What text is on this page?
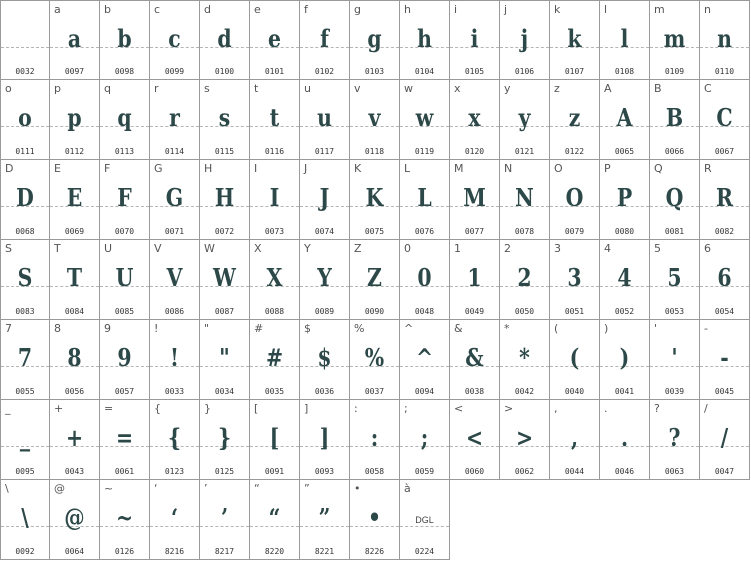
0032
a
a
0097
b
b
0098
c
c
0099
d
d
0100
e
e
0101
f
f
0102
g
g
0103
h
h
0104
i
i
0105
j
j
0106
k
k
0107
l
l
0108
m
m
0109
n
n
0110
o
o
0111
p
p
0112
q
q
0113
r
r
0114
s
s
0115
t
t
0116
u
u
0117
v
v
0118
w
w
0119
x
x
0120
y
y
0121
z
z
0122
A
A
0065
B
B
0066
C
C
0067
D
D
0068
E
E
0069
F
F
0070
G
G
0071
H
H
0072
I
I
0073
J
J
0074
K
K
0075
L
L
0076
M
M
0077
N
N
0078
O
O
0079
P
P
0080
Q
Q
0081
R
R
0082
S
S
0083
T
T
0084
U
U
0085
V
V
0086
W
W
0087
X
X
0088
Y
Y
0089
Z
Z
0090
0
0
0048
1
1
0049
2
2
0050
3
3
0051
4
4
0052
5
5
0053
6
6
0054
7
7
0055
8
8
0056
9
9
0057
!
!
0033
"
"
0034
#
#
0035
$
$
0036
%
%
0037
^
^
0094
&
&
0038
*
*
0042
(
(
0040
)
)
0041
'
'
0039
-
-
0045
_
_
0095
+
+
0043
=
=
0061
{
{
0123
}
}
0125
[
[
0091
]
]
0093
:
:
0058
;
;
0059
<
<
0060
>
>
0062
,
,
0044
.
.
0046
?
?
0063
/
/
0047
\
\
0092
@
@
0064
~
~
0126
‘
‘
8216
’
’
8217
“
“
8220
”
”
8221
•
•
8226
à
DGL
0224
